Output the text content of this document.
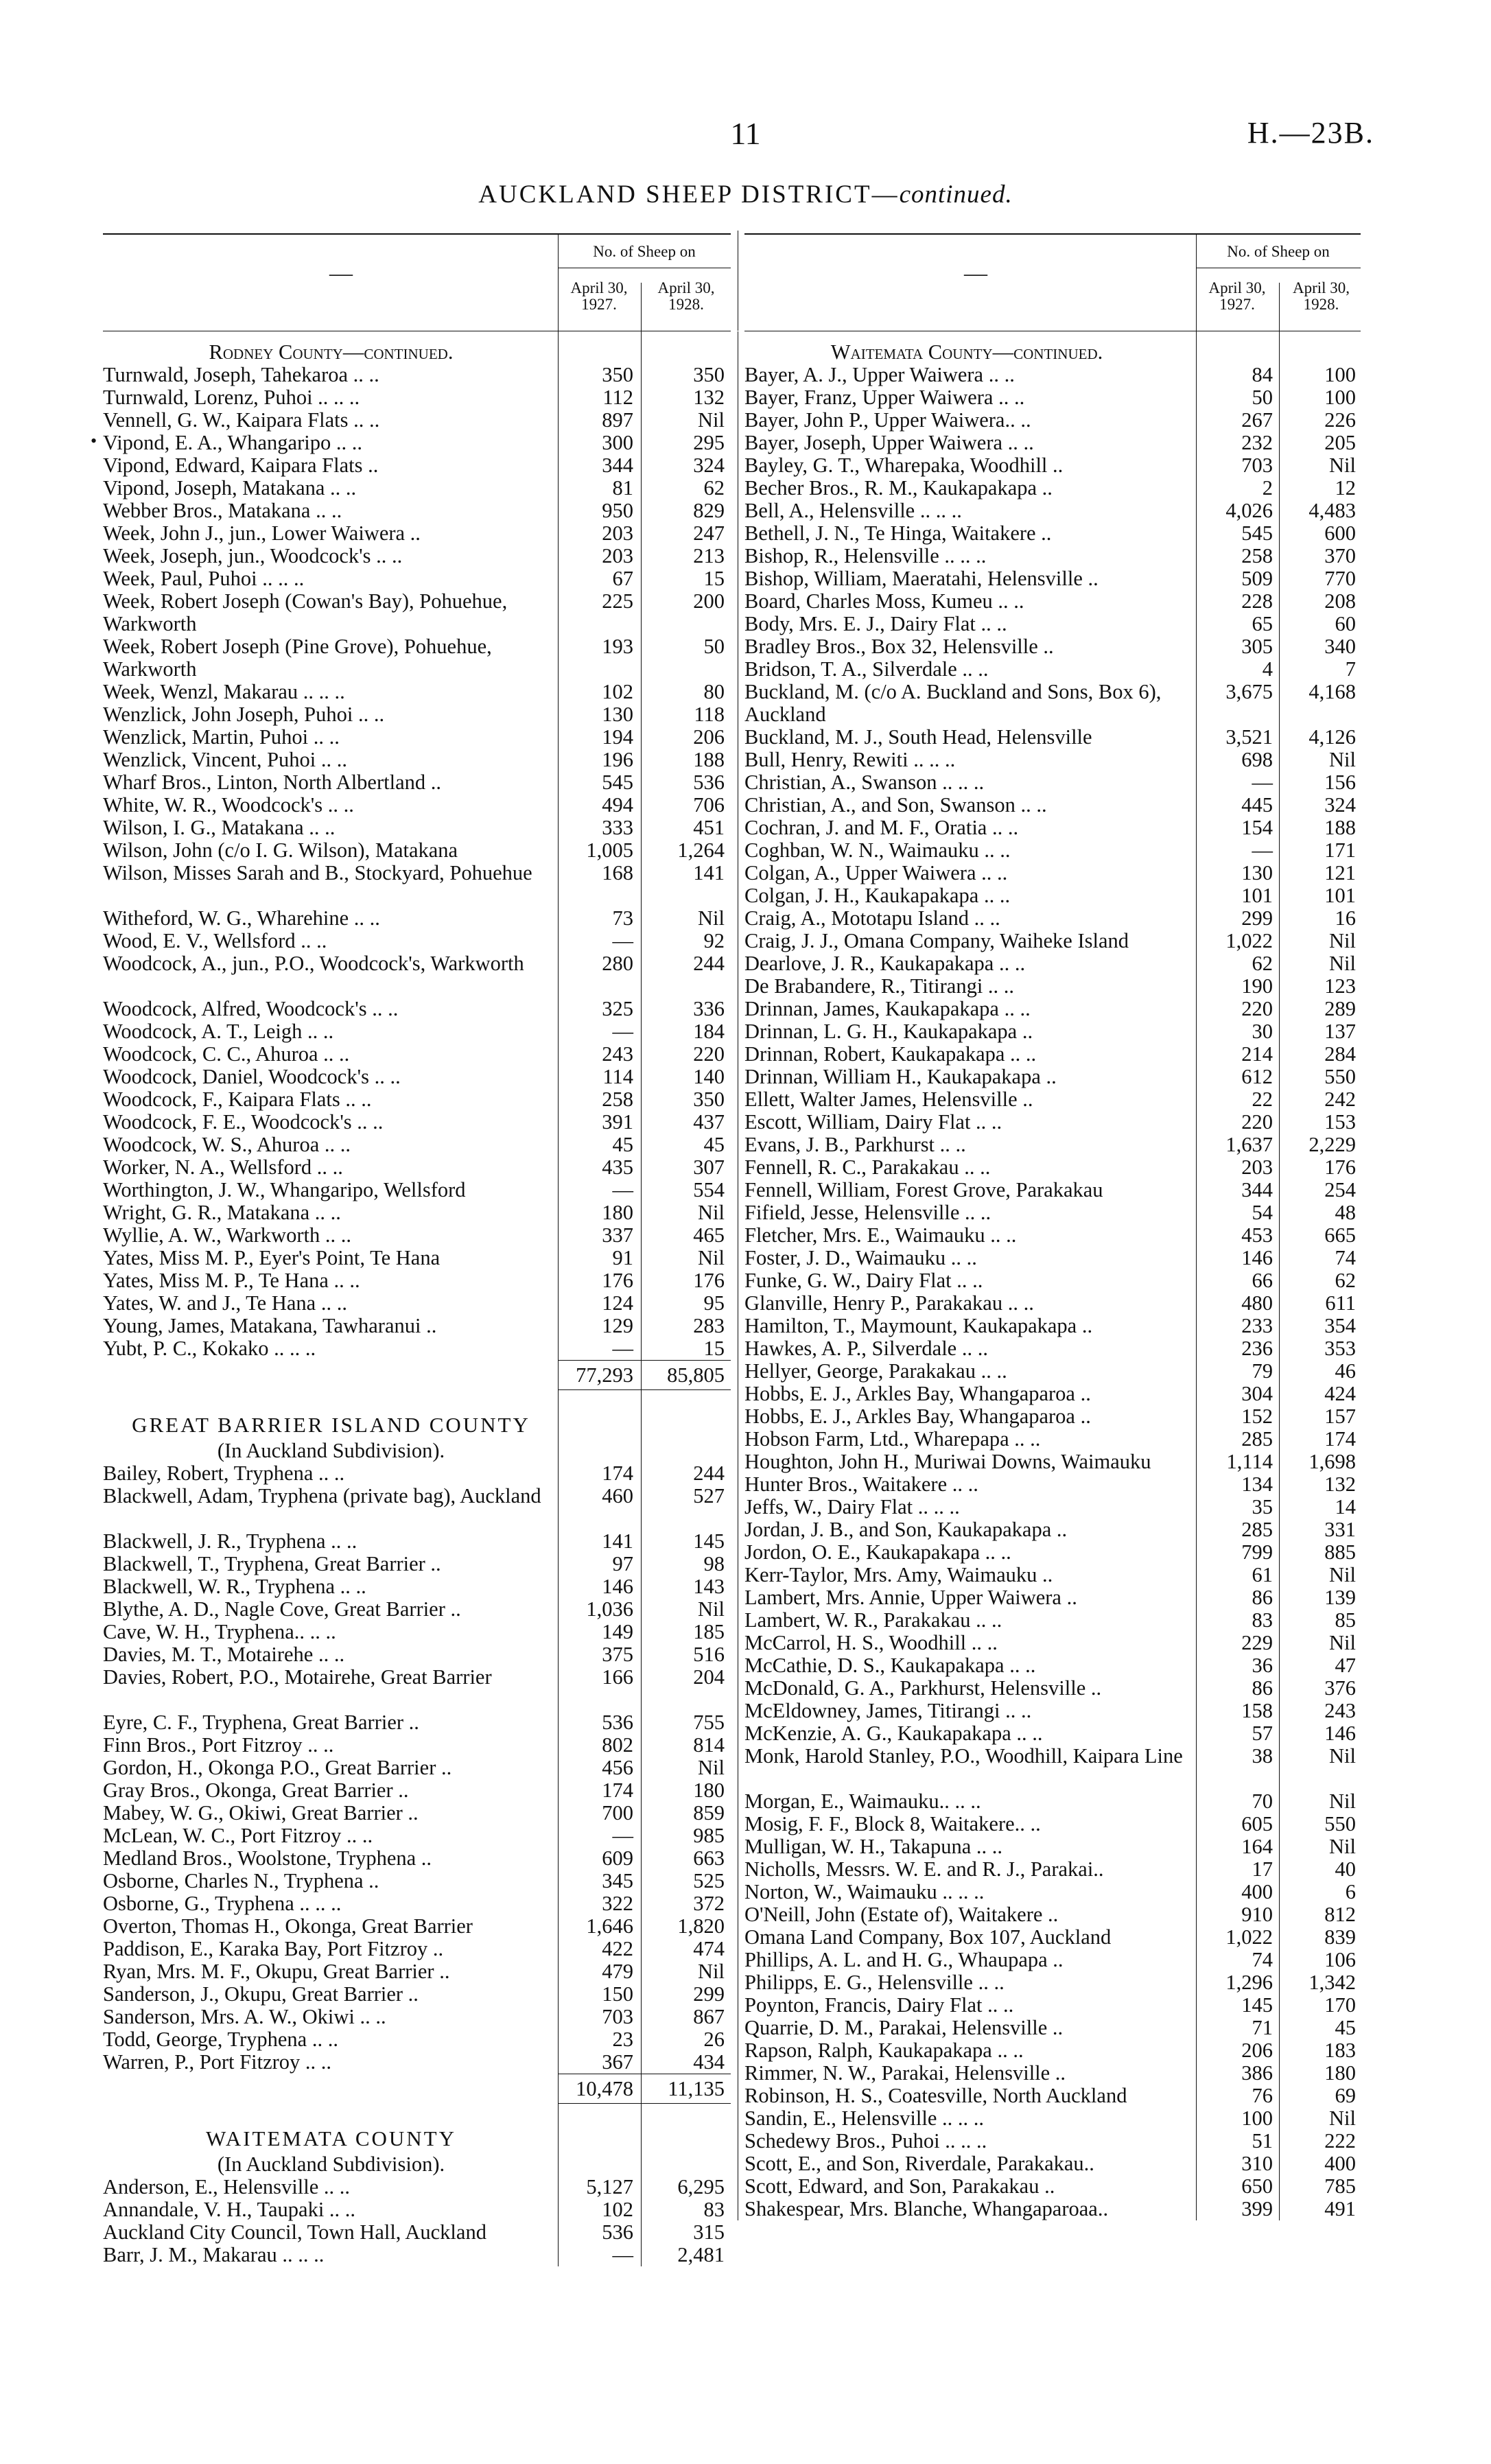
11	H.—23B.
AUCKLAND SHEEP DISTRICT—continued.
—
No. of Sheep on
April 30, 1927.
April 30, 1928.
Rodney County—continued.
Turnwald, Joseph, Tahekaroa .. ..	350	350
Turnwald, Lorenz, Puhoi .. .. ..	112	132
Vennell, G. W., Kaipara Flats .. ..	897	Nil
Vipond, E. A., Whangaripo .. ..	300	295
•
Vipond, Edward, Kaipara Flats ..	344	324
Vipond, Joseph, Matakana .. ..	81	62
Webber Bros., Matakana .. ..	950	829
Week, John J., jun., Lower Waiwera ..	203	247
Week, Joseph, jun., Woodcock's .. ..	203	213
Week, Paul, Puhoi .. .. ..	67	15
Week, Robert Joseph (Cowan's Bay), Pohuehue, Warkworth
225	200
Week, Robert Joseph (Pine Grove), Pohuehue, Warkworth
193	50
Week, Wenzl, Makarau .. .. ..	102	80
Wenzlick, John Joseph, Puhoi .. ..	130	118
Wenzlick, Martin, Puhoi .. ..	194	206
Wenzlick, Vincent, Puhoi .. ..	196	188
Wharf Bros., Linton, North Albertland ..	545	536
White, W. R., Woodcock's .. ..	494	706
Wilson, I. G., Matakana .. ..	333	451
Wilson, John (c/o I. G. Wilson), Matakana	1,005	1,264
Wilson, Misses Sarah and B., Stockyard, Pohuehue	168	141
Witheford, W. G., Wharehine .. ..	73	Nil
Wood, E. V., Wellsford .. ..	—	92
Woodcock, A., jun., P.O., Woodcock's, Warkworth	280	244
Woodcock, Alfred, Woodcock's .. ..	325	336
Woodcock, A. T., Leigh .. ..	—	184
Woodcock, C. C., Ahuroa .. ..	243	220
Woodcock, Daniel, Woodcock's .. ..	114	140
Woodcock, F., Kaipara Flats .. ..	258	350
Woodcock, F. E., Woodcock's .. ..	391	437
Woodcock, W. S., Ahuroa .. ..	45	45
Worker, N. A., Wellsford .. ..	435	307
Worthington, J. W., Whangaripo, Wellsford	—	554
Wright, G. R., Matakana .. ..	180	Nil
Wyllie, A. W., Warkworth .. ..	337	465
Yates, Miss M. P., Eyer's Point, Te Hana	91	Nil
Yates, Miss M. P., Te Hana .. ..	176	176
Yates, W. and J., Te Hana .. ..	124	95
Young, James, Matakana, Tawharanui ..	129	283
Yubt, P. C., Kokako .. .. ..	—	15
77,293	85,805
GREAT BARRIER ISLAND COUNTY
(In Auckland Subdivision).
Bailey, Robert, Tryphena .. ..	174	244
Blackwell, Adam, Tryphena (private bag), Auckland	460	527
Blackwell, J. R., Tryphena .. ..	141	145
Blackwell, T., Tryphena, Great Barrier ..	97	98
Blackwell, W. R., Tryphena .. ..	146	143
Blythe, A. D., Nagle Cove, Great Barrier ..	1,036	Nil
Cave, W. H., Tryphena.. .. ..	149	185
Davies, M. T., Motairehe .. ..	375	516
Davies, Robert, P.O., Motairehe, Great Barrier	166	204
Eyre, C. F., Tryphena, Great Barrier ..	536	755
Finn Bros., Port Fitzroy .. ..	802	814
Gordon, H., Okonga P.O., Great Barrier ..	456	Nil
Gray Bros., Okonga, Great Barrier ..	174	180
Mabey, W. G., Okiwi, Great Barrier ..	700	859
McLean, W. C., Port Fitzroy .. ..	—	985
Medland Bros., Woolstone, Tryphena ..	609	663
Osborne, Charles N., Tryphena ..	345	525
Osborne, G., Tryphena .. .. ..	322	372
Overton, Thomas H., Okonga, Great Barrier	1,646	1,820
Paddison, E., Karaka Bay, Port Fitzroy ..	422	474
Ryan, Mrs. M. F., Okupu, Great Barrier ..	479	Nil
Sanderson, J., Okupu, Great Barrier ..	150	299
Sanderson, Mrs. A. W., Okiwi .. ..	703	867
Todd, George, Tryphena .. ..	23	26
Warren, P., Port Fitzroy .. ..	367	434
10,478	11,135
WAITEMATA COUNTY
(In Auckland Subdivision).
Anderson, E., Helensville .. ..	5,127	6,295
Annandale, V. H., Taupaki .. ..	102	83
Auckland City Council, Town Hall, Auckland	536	315
Barr, J. M., Makarau .. .. ..	—	2,481
—
No. of Sheep on
April 30, 1927.
April 30, 1928.
Waitemata County—continued.
Bayer, A. J., Upper Waiwera .. ..	84	100
Bayer, Franz, Upper Waiwera .. ..	50	100
Bayer, John P., Upper Waiwera.. ..	267	226
Bayer, Joseph, Upper Waiwera .. ..	232	205
Bayley, G. T., Wharepaka, Woodhill ..	703	Nil
Becher Bros., R. M., Kaukapakapa ..	2	12
Bell, A., Helensville .. .. ..	4,026	4,483
Bethell, J. N., Te Hinga, Waitakere ..	545	600
Bishop, R., Helensville .. .. ..	258	370
Bishop, William, Maeratahi, Helensville ..	509	770
Board, Charles Moss, Kumeu .. ..	228	208
Body, Mrs. E. J., Dairy Flat .. ..	65	60
Bradley Bros., Box 32, Helensville ..	305	340
Bridson, T. A., Silverdale .. ..	4	7
Buckland, M. (c/o A. Buckland and Sons, Box 6), Auckland
3,675	4,168
Buckland, M. J., South Head, Helensville	3,521	4,126
Bull, Henry, Rewiti .. .. ..	698	Nil
Christian, A., Swanson .. .. ..	—	156
Christian, A., and Son, Swanson .. ..	445	324
Cochran, J. and M. F., Oratia .. ..	154	188
Coghban, W. N., Waimauku .. ..	—	171
Colgan, A., Upper Waiwera .. ..	130	121
Colgan, J. H., Kaukapakapa .. ..	101	101
Craig, A., Mototapu Island .. ..	299	16
Craig, J. J., Omana Company, Waiheke Island	1,022	Nil
Dearlove, J. R., Kaukapakapa .. ..	62	Nil
De Brabandere, R., Titirangi .. ..	190	123
Drinnan, James, Kaukapakapa .. ..	220	289
Drinnan, L. G. H., Kaukapakapa ..	30	137
Drinnan, Robert, Kaukapakapa .. ..	214	284
Drinnan, William H., Kaukapakapa ..	612	550
Ellett, Walter James, Helensville ..	22	242
Escott, William, Dairy Flat .. ..	220	153
Evans, J. B., Parkhurst .. ..	1,637	2,229
Fennell, R. C., Parakakau .. ..	203	176
Fennell, William, Forest Grove, Parakakau	344	254
Fifield, Jesse, Helensville .. ..	54	48
Fletcher, Mrs. E., Waimauku .. ..	453	665
Foster, J. D., Waimauku .. ..	146	74
Funke, G. W., Dairy Flat .. ..	66	62
Glanville, Henry P., Parakakau .. ..	480	611
Hamilton, T., Maymount, Kaukapakapa ..	233	354
Hawkes, A. P., Silverdale .. ..	236	353
Hellyer, George, Parakakau .. ..	79	46
Hobbs, E. J., Arkles Bay, Whangaparoa ..	304	424
Hobbs, E. J., Arkles Bay, Whangaparoa ..	152	157
Hobson Farm, Ltd., Wharepapa .. ..	285	174
Houghton, John H., Muriwai Downs, Waimauku	1,114	1,698
Hunter Bros., Waitakere .. ..	134	132
Jeffs, W., Dairy Flat .. .. ..	35	14
Jordan, J. B., and Son, Kaukapakapa ..	285	331
Jordon, O. E., Kaukapakapa .. ..	799	885
Kerr-Taylor, Mrs. Amy, Waimauku ..	61	Nil
Lambert, Mrs. Annie, Upper Waiwera ..	86	139
Lambert, W. R., Parakakau .. ..	83	85
McCarrol, H. S., Woodhill .. ..	229	Nil
McCathie, D. S., Kaukapakapa .. ..	36	47
McDonald, G. A., Parkhurst, Helensville ..	86	376
McEldowney, James, Titirangi .. ..	158	243
McKenzie, A. G., Kaukapakapa .. ..	57	146
Monk, Harold Stanley, P.O., Woodhill, Kaipara Line	38	Nil
Morgan, E., Waimauku.. .. ..	70	Nil
Mosig, F. F., Block 8, Waitakere.. ..	605	550
Mulligan, W. H., Takapuna .. ..	164	Nil
Nicholls, Messrs. W. E. and R. J., Parakai..	17	40
Norton, W., Waimauku .. .. ..	400	6
O'Neill, John (Estate of), Waitakere ..	910	812
Omana Land Company, Box 107, Auckland	1,022	839
Phillips, A. L. and H. G., Whaupapa ..	74	106
Philipps, E. G., Helensville .. ..	1,296	1,342
Poynton, Francis, Dairy Flat .. ..	145	170
Quarrie, D. M., Parakai, Helensville ..	71	45
Rapson, Ralph, Kaukapakapa .. ..	206	183
Rimmer, N. W., Parakai, Helensville ..	386	180
Robinson, H. S., Coatesville, North Auckland	76	69
Sandin, E., Helensville .. .. ..	100	Nil
Schedewy Bros., Puhoi .. .. ..	51	222
Scott, E., and Son, Riverdale, Parakakau..	310	400
Scott, Edward, and Son, Parakakau ..	650	785
Shakespear, Mrs. Blanche, Whangaparoaa..	399	491
